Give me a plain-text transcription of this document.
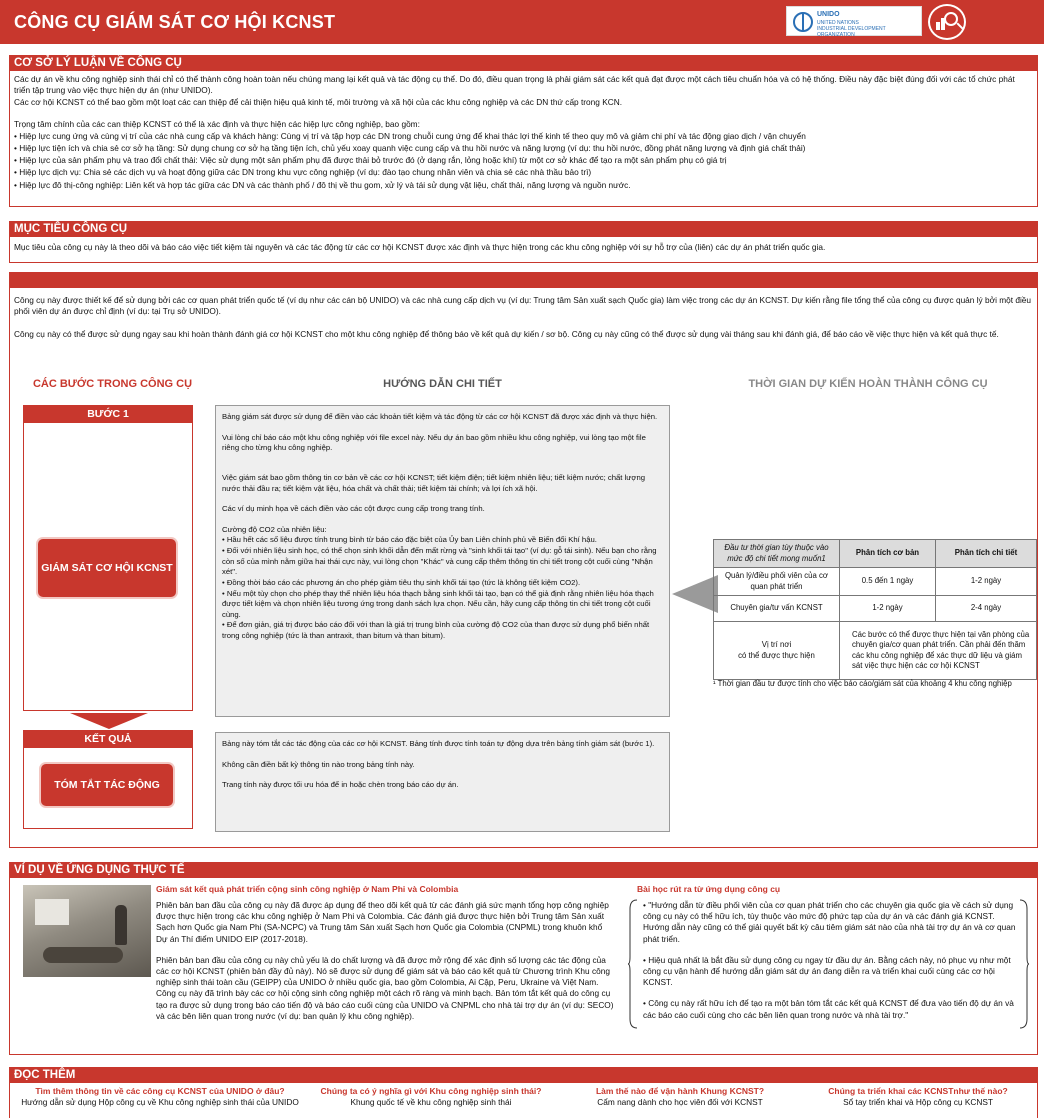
CÔNG CỤ GIÁM SÁT CƠ HỘI KCNST	UNIDO
UNITED NATIONS
INDUSTRIAL DEVELOPMENT ORGANIZATION
CƠ SỞ LÝ LUẬN VỀ CÔNG CỤ

Các dự án về khu công nghiệp sinh thái chỉ có thể thành công hoàn toàn nếu chúng mang lại kết quả và tác động cụ thể. Do đó, điều quan trọng là phải giám sát các kết quả đạt được một cách tiêu chuẩn hóa và có hệ thống. Điều này đặc biệt đúng đối với các tổ chức phát triển tập trung vào việc thực hiện dự án (như UNIDO).

Các cơ hội KCNST có thể bao gồm một loạt các can thiệp để cải thiện hiệu quả kinh tế, môi trường và xã hội của các khu công nghiệp và các DN thứ cấp trong KCN.

Trọng tâm chính của các can thiệp KCNST có thể là xác định và thực hiện các hiệp lực công nghiệp, bao gồm:

• Hiệp lực cung ứng và cùng vị trí của các nhà cung cấp và khách hàng: Cùng vị trí và tập hợp các DN trong chuỗi cung ứng để khai thác lợi thế kinh tế theo quy mô và giảm chi phí và tác động giao dịch / vận chuyển

• Hiệp lực tiện ích và chia sẻ cơ sở hạ tầng: Sử dụng chung cơ sở hạ tầng tiện ích, chủ yếu xoay quanh việc cung cấp và thu hồi nước và năng lượng (ví dụ: thu hồi nước, đồng phát năng lượng và định giá chất thải)

• Hiệp lực của sản phẩm phụ và trao đổi chất thải: Việc sử dụng một sản phẩm phụ đã được thải bỏ trước đó (ở dạng rắn, lỏng hoặc khí) từ một cơ sở khác để tạo ra một sản phẩm phụ có giá trị

• Hiệp lực dịch vụ: Chia sẻ các dịch vụ và hoạt động giữa các DN trong khu vực công nghiệp (ví dụ: đào tạo chung nhân viên và chia sẻ các nhà thầu bảo trì)

• Hiệp lực đô thị-công nghiệp: Liên kết và hợp tác giữa các DN và các thành phố / đô thị về thu gom, xử lý và tái sử dụng vật liệu, chất thải, năng lượng và nguồn nước.

MỤC TIÊU CÔNG CỤ
Mục tiêu của công cụ này là theo dõi và báo cáo việc tiết kiệm tài nguyên và các tác động từ các cơ hội KCNST được xác định và thực hiện trong các khu công nghiệp với sự hỗ trợ của (liên) các dự án phát triển quốc gia.

Công cụ này được thiết kế để sử dụng bởi các cơ quan phát triển quốc tế (ví dụ như các cán bộ UNIDO) và các nhà cung cấp dịch vụ (ví dụ: Trung tâm Sản xuất sạch Quốc gia) làm việc trong các dự án KCNST. Dự kiến rằng file tổng thể của công cụ được quản lý bởi một điều phối viên dự án được chỉ định (ví dụ: tại Trụ sở UNIDO).

Công cụ này có thể được sử dụng ngay sau khi hoàn thành đánh giá cơ hội KCNST cho một khu công nghiệp để thông báo về kết quả dự kiến / sơ bộ. Công cụ này cũng có thể được sử dụng vài tháng sau khi đánh giá, để báo cáo về việc thực hiện và kết quả thực tế.

CÁC BƯỚC TRONG CÔNG CỤ	HƯỚNG DẪN CHI TIẾT	THỜI GIAN DỰ KIẾN HOÀN THÀNH CÔNG CỤ
BƯỚC 1
GIÁM SÁT CƠ HỘI KCNST
KẾT QUẢ
TÓM TẮT TÁC ĐỘNG

Bảng giám sát được sử dụng để điền vào các khoản tiết kiệm và tác động từ các cơ hội KCNST đã được xác định và thực hiện.

Vui lòng chỉ báo cáo một khu công nghiệp với file excel này. Nếu dự án bao gồm nhiều khu công nghiệp, vui lòng tạo một file riêng cho từng khu công nghiệp.

Việc giám sát bao gồm thông tin cơ bản về các cơ hội KCNST; tiết kiệm điện; tiết kiệm nhiên liệu; tiết kiệm nước; chất lượng nước thải đầu ra; tiết kiệm vật liệu, hóa chất và chất thải; tiết kiệm tài chính; và lợi ích xã hội.

Các ví dụ minh họa về cách điền vào các cột được cung cấp trong trang tính.

Cường độ CO2 của nhiên liệu:

• Hầu hết các số liệu được tính trung bình từ báo cáo đặc biệt của Ủy ban Liên chính phủ về Biến đổi Khí hậu.

• Đối với nhiên liệu sinh học, có thể chọn sinh khối dẫn đến mất rừng và "sinh khối tái tạo" (ví dụ: gỗ tái sinh). Nếu bạn cho rằng còn số của mình nằm giữa hai thái cực này, vui lòng chọn "Khác" và cung cấp thêm thông tin chi tiết trong cột cuối cùng "Nhận xét".

• Đồng thời báo cáo các phương án cho phép giảm tiêu thụ sinh khối tái tạo (tức là không tiết kiệm CO2).

• Nếu một tùy chọn cho phép thay thế nhiên liệu hóa thạch bằng sinh khối tái tạo, bạn có thể giả định rằng nhiên liệu hóa thạch được tiết kiệm và chọn nhiên liệu tương ứng trong danh sách lựa chọn. Nếu cần, hãy cung cấp thông tin chi tiết trong cột cuối cùng.

• Để đơn giản, giá trị được báo cáo đối với than là giá trị trung bình của cường độ CO2 của than được sử dụng phổ biến nhất trong công nghiệp (tức là than antraxit, than bitum và than bitum).

Bảng này tóm tắt các tác động của các cơ hội KCNST. Bảng tính được tính toán tự động dựa trên bảng tính giám sát (bước 1).

Không cần điền bất kỳ thông tin nào trong bảng tính này.

Trang tính này được tối ưu hóa để in hoặc chèn trong báo cáo dự án.

Đầu tư thời gian tùy thuộc vào mức độ chi tiết mong muốn1	Phân tích cơ bản	Phân tích chi tiết
Quản lý/điều phối viên của cơ quan phát triển	0.5 đến 1 ngày	1-2 ngày
Chuyên gia/tư vấn KCNST	1-2 ngày	2-4 ngày
Vị trí nơi
có thể được thực hiện	Các bước có thể được thực hiện tại văn phòng của chuyên gia/cơ quan phát triển. Cần phải đến thăm các khu công nghiệp để xác thực dữ liệu và giám sát việc thực hiện các cơ hội KCNST	
¹ Thời gian đầu tư được tính cho việc báo cáo/giám sát của khoảng 4 khu công nghiệp
VÍ DỤ VỀ ỨNG DỤNG THỰC TẾ
Giám sát kết quả phát triển cộng sinh công nghiệp ở Nam Phi và Colombia

Phiên bản ban đầu của công cụ này đã được áp dụng để theo dõi kết quả từ các đánh giá sức mạnh tổng hợp công nghiệp được thực hiện trong các khu công nghiệp ở Nam Phi và Colombia. Các đánh giá được thực hiện bởi Trung tâm Sản xuất Sạch hơn Quốc gia Nam Phi (SA-NCPC) và Trung tâm Sản xuất Sạch hơn Quốc gia Colombia (CNPML) trong khuôn khổ Dự án Thí điểm UNIDO EIP (2017-2018).

Phiên bản ban đầu của công cụ này chủ yếu là do chất lượng và đã được mở rộng để xác định số lượng các tác động của các cơ hội KCNST (phiên bản đầy đủ này). Nó sẽ được sử dụng để giám sát và báo cáo kết quả từ Chương trình Khu công nghiệp sinh thái toàn cầu (GEIPP) của UNIDO ở nhiều quốc gia, bao gồm Colombia, Ai Cập, Peru, Ukraine và Việt Nam. Công cụ này đã trình bày các cơ hội cộng sinh công nghiệp một cách rõ ràng và minh bạch. Bản tóm tắt kết quả do công cụ tạo ra được sử dụng trong báo cáo tiến độ và báo cáo cuối cùng của UNIDO và CNPML cho nhà tài trợ dự án (ví dụ: SECO) và các bên liên quan trong nước (ví dụ: ban quản lý khu công nghiệp).

Bài học rút ra từ ứng dụng công cụ

• "Hướng dẫn từ điều phối viên của cơ quan phát triển cho các chuyên gia quốc gia về cách sử dụng công cụ này có thể hữu ích, tùy thuộc vào mức độ phức tạp của dự án và các đánh giá KCNST. Hướng dẫn này cũng có thể giải quyết bất kỳ câu tiêm giám sát nào của nhà tài trợ dự án và cơ quan phát triển.

• Hiệu quả nhất là bắt đầu sử dụng công cụ ngay từ đầu dự án. Bằng cách này, nó phục vụ như một công cụ vận hành để hướng dẫn giám sát dự án đang diễn ra và triển khai cuối cùng các cơ hội KCNST.

• Công cụ này rất hữu ích để tạo ra một bản tóm tắt các kết quả KCNST để đưa vào tiến độ dự án và các báo cáo cuối cùng cho các bên liên quan trong nước và nhà tài trợ."

ĐỌC THÊM
Tìm thêm thông tin về các công cụ KCNST của UNIDO ở đâu?
Hướng dẫn sử dụng Hộp công cụ về Khu công nghiệp sinh thái của UNIDO
Chúng ta có ý nghĩa gì với Khu công nghiệp sinh thái?
Khung quốc tế về khu công nghiệp sinh thái
Làm thế nào để vận hành Khung KCNST?
Cẩm nang dành cho học viên đối với KCNST
Chúng ta triển khai các KCNSTnhư thế nào?
Sổ tay triển khai và Hộp công cụ KCNST
